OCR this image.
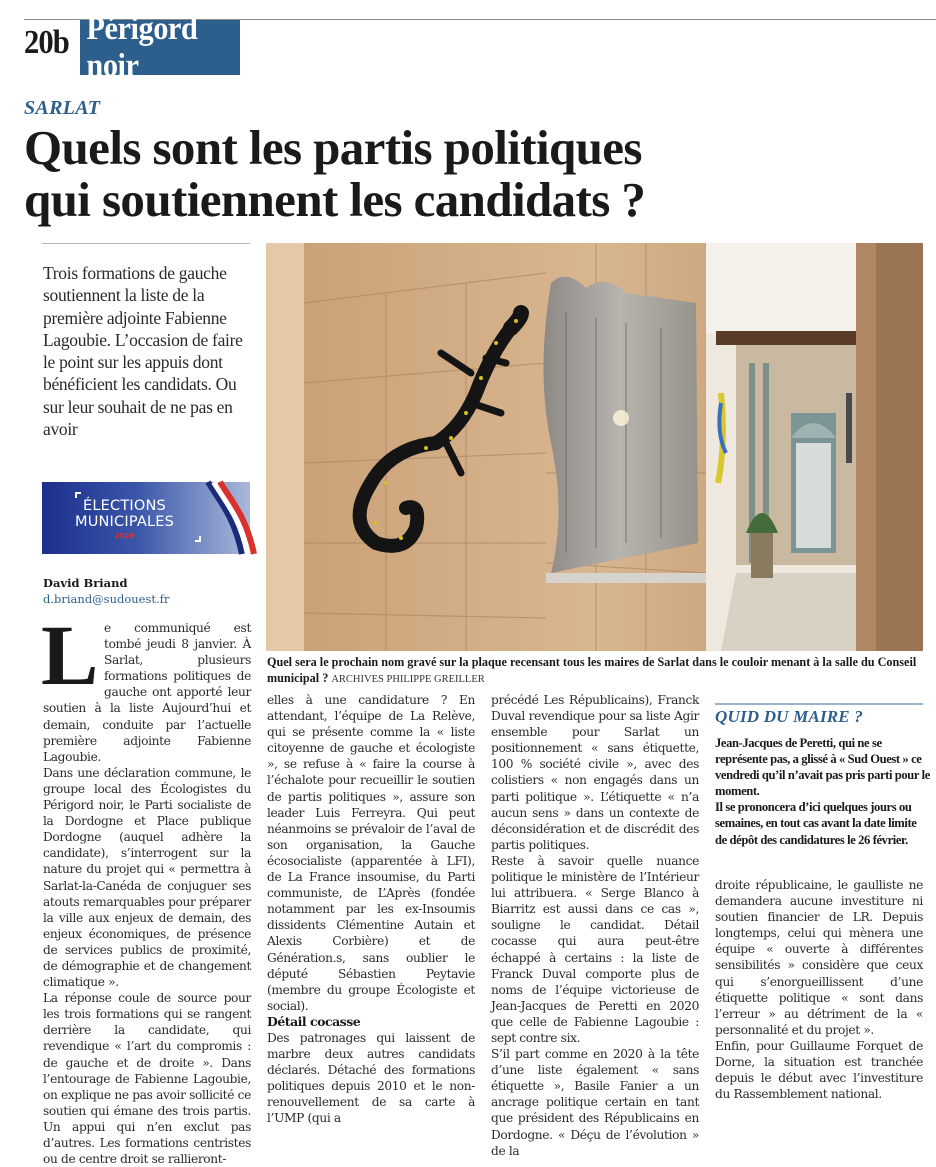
20b Périgord noir
SARLAT
Quels sont les partis politiques
qui soutiennent les candidats ?
Trois formations de gauche soutiennent la liste de la première adjointe Fabienne Lagoubie. L’occasion de faire le point sur les appuis dont bénéficient les candidats. Ou sur leur souhait de ne pas en avoir
ÉLECTIONS
MUNICIPALES
2026
David Briand
d.briand@sudouest.fr
Quel sera le prochain nom gravé sur la plaque recensant tous les maires de Sarlat dans le couloir menant à la salle du Conseil municipal ? ARCHIVES PHILIPPE GREILLER
L e communiqué est tombé jeudi 8 janvier. À Sarlat, plusieurs formations politiques de gauche ont apporté leur soutien à la liste Aujourd’hui et demain, conduite par l’actuelle première adjointe Fabienne Lagoubie.

Dans une déclaration commune, le groupe local des Écologistes du Périgord noir, le Parti socialiste de la Dordogne et Place publique Dordogne (auquel adhère la candidate), s’interrogent sur la nature du projet qui « permettra à Sarlat-la-Canéda de conjuguer ses atouts remarquables pour préparer la ville aux enjeux de demain, des enjeux économiques, de présence de services publics de proximité, de démographie et de changement climatique ».

La réponse coule de source pour les trois formations qui se rangent derrière la candidate, qui revendique « l’art du compromis : de gauche et de droite ». Dans l’entourage de Fabienne Lagoubie, on explique ne pas avoir sollicité ce soutien qui émane des trois partis. Un appui qui n’en exclut pas d’autres. Les formations centristes ou de centre droit se rallieront-

elles à une candidature ? En attendant, l’équipe de La Relève, qui se présente comme la « liste citoyenne de gauche et écologiste », se refuse à « faire la course à l’échalote pour recueillir le soutien de partis politiques », assure son leader Luis Ferreyra. Qui peut néanmoins se prévaloir de l’aval de son organisation, la Gauche écosocialiste (apparentée à LFI), de La France insoumise, du Parti communiste, de L’Après (fondée notamment par les ex-Insoumis dissidents Clémentine Autain et Alexis Corbière) et de Génération.s, sans oublier le député Sébastien Peytavie (membre du groupe Écologiste et social).

Détail cocasse

Des patronages qui laissent de marbre deux autres candidats déclarés. Détaché des formations politiques depuis 2010 et le non-renouvellement de sa carte à l’UMP (qui a

précédé Les Républicains), Franck Duval revendique pour sa liste Agir ensemble pour Sarlat un positionnement « sans étiquette, 100 % société civile », avec des colistiers « non engagés dans un parti politique ». L’étiquette « n’a aucun sens » dans un contexte de déconsidération et de discrédit des partis politiques.

Reste à savoir quelle nuance politique le ministère de l’Intérieur lui attribuera. « Serge Blanco à Biarritz est aussi dans ce cas », souligne le candidat. Détail cocasse qui aura peut-être échappé à certains : la liste de Franck Duval comporte plus de noms de l’équipe victorieuse de Jean-Jacques de Peretti en 2020 que celle de Fabienne Lagoubie : sept contre six.

S’il part comme en 2020 à la tête d’une liste également « sans étiquette », Basile Fanier a un ancrage politique certain en tant que président des Républicains en Dordogne. « Déçu de l’évolution » de la

QUID DU MAIRE ?

Jean-Jacques de Peretti, qui ne se représente pas, a glissé à « Sud Ouest » ce vendredi qu’il n’avait pas pris parti pour le moment.

Il se prononcera d’ici quelques jours ou semaines, en tout cas avant la date limite de dépôt des candidatures le 26 février.

droite républicaine, le gaulliste ne demandera aucune investiture ni soutien financier de LR. Depuis longtemps, celui qui mènera une équipe « ouverte à différentes sensibilités » considère que ceux qui s’enorgueillissent d’une étiquette politique « sont dans l’erreur » au détriment de la « personnalité et du projet ».

Enfin, pour Guillaume Forquet de Dorne, la situation est tranchée depuis le début avec l’investiture du Rassemblement national.
